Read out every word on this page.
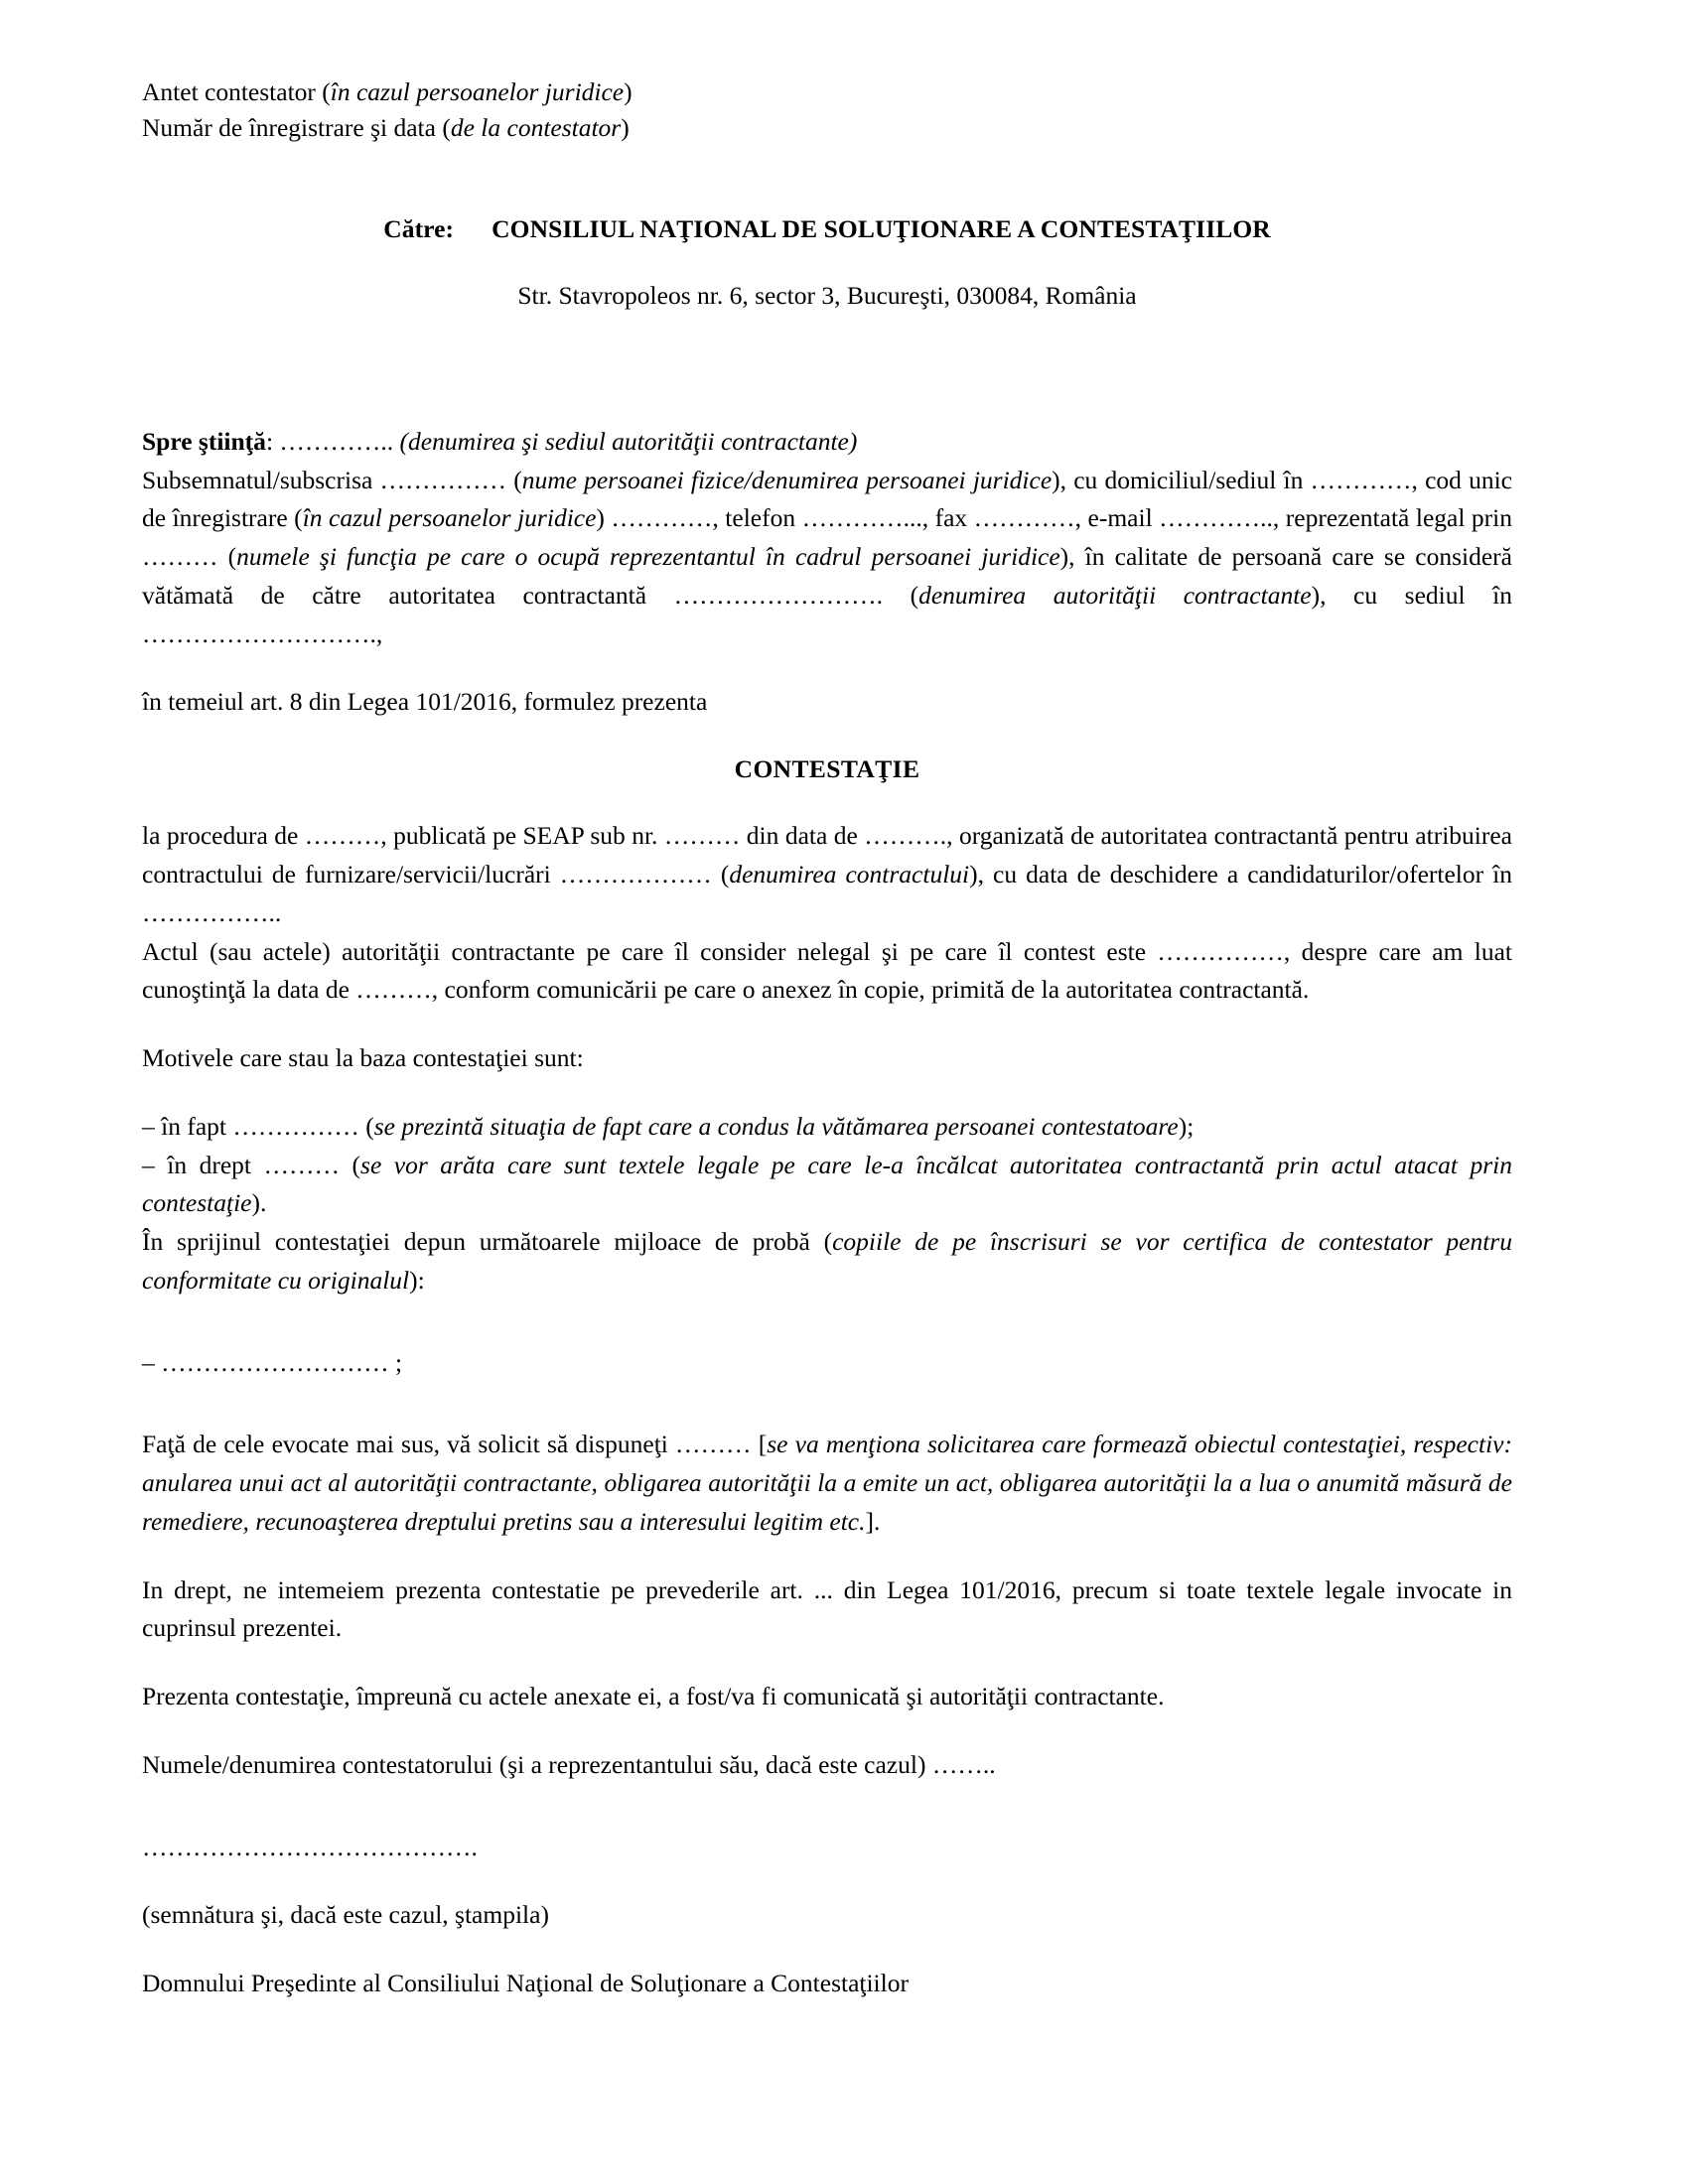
Antet contestator (în cazul persoanelor juridice)
Număr de înregistrare şi data (de la contestator)
Către: CONSILIUL NAŢIONAL DE SOLUŢIONARE A CONTESTAŢIILOR
Str. Stavropoleos nr. 6, sector 3, Bucureşti, 030084, România

Spre ştiinţă: ………….. (denumirea şi sediul autorităţii contractante)

Subsemnatul/subscrisa …………… (nume persoanei fizice/denumirea persoanei juridice), cu domiciliul/sediul în …………, cod unic de înregistrare (în cazul persoanelor juridice) …………, telefon …………..., fax …………, e-mail ………….., reprezentată legal prin ……… (numele şi funcţia pe care o ocupă reprezentantul în cadrul persoanei juridice), în calitate de persoană care se consideră vătămată de către autoritatea contractantă ……………………. (denumirea autorităţii contractante), cu sediul în ……………………….,

în temeiul art. 8 din Legea 101/2016, formulez prezenta

CONTESTAŢIE

la procedura de ………, publicată pe SEAP sub nr. ……… din data de ………., organizată de autoritatea contractantă pentru atribuirea contractului de furnizare/servicii/lucrări ……………… (denumirea contractului), cu data de deschidere a candidaturilor/ofertelor în ……………..

Actul (sau actele) autorităţii contractante pe care îl consider nelegal şi pe care îl contest este ……………, despre care am luat cunoştinţă la data de ………, conform comunicării pe care o anexez în copie, primită de la autoritatea contractantă.

Motivele care stau la baza contestaţiei sunt:

– în fapt …………… (se prezintă situaţia de fapt care a condus la vătămarea persoanei contestatoare);

– în drept ……… (se vor arăta care sunt textele legale pe care le-a încălcat autoritatea contractantă prin actul atacat prin contestaţie).

În sprijinul contestaţiei depun următoarele mijloace de probă (copiile de pe înscrisuri se vor certifica de contestator pentru conformitate cu originalul):

– ……………………… ;

Faţă de cele evocate mai sus, vă solicit să dispuneţi ……… [se va menţiona solicitarea care formează obiectul contestaţiei, respectiv: anularea unui act al autorităţii contractante, obligarea autorităţii la a emite un act, obligarea autorităţii la a lua o anumită măsură de remediere, recunoaşterea dreptului pretins sau a interesului legitim etc.].

In drept, ne intemeiem prezenta contestatie pe prevederile art. ... din Legea 101/2016, precum si toate textele legale invocate in cuprinsul prezentei.

Prezenta contestaţie, împreună cu actele anexate ei, a fost/va fi comunicată şi autorităţii contractante.

Numele/denumirea contestatorului (şi a reprezentantului său, dacă este cazul) ……..

………………………………….

(semnătura şi, dacă este cazul, ştampila)

Domnului Preşedinte al Consiliului Naţional de Soluţionare a Contestaţiilor
